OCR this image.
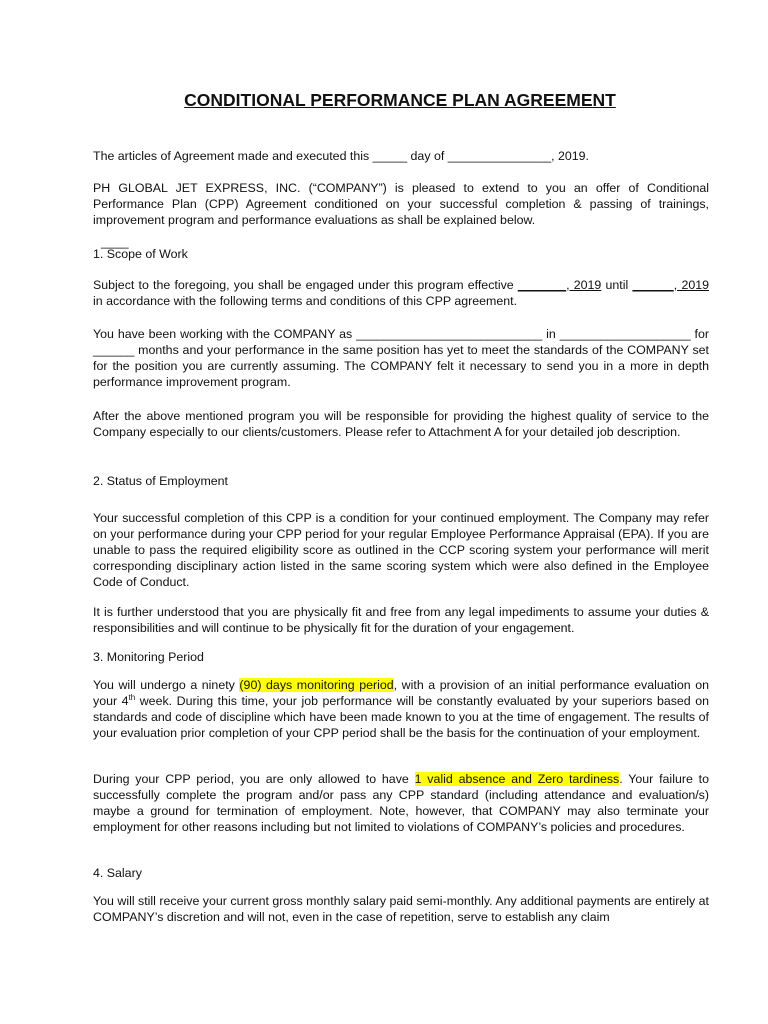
CONDITIONAL PERFORMANCE PLAN AGREEMENT

The articles of Agreement made and executed this _____ day of _______________, 2019.

PH GLOBAL JET EXPRESS, INC. (“COMPANY”) is pleased to extend to you an offer of Conditional Performance Plan (CPP) Agreement conditioned on your successful completion & passing of trainings, improvement program and performance evaluations as shall be explained below.

____

1. Scope of Work

Subject to the foregoing, you shall be engaged under this program effective _______, 2019 until ______, 2019 in accordance with the following terms and conditions of this CPP agreement.

You have been working with the COMPANY as ___________________________ in ___________________ for ______ months and your performance in the same position has yet to meet the standards of the COMPANY set for the position you are currently assuming. The COMPANY felt it necessary to send you in a more in depth performance improvement program.

After the above mentioned program you will be responsible for providing the highest quality of service to the Company especially to our clients/customers. Please refer to Attachment A for your detailed job description.

2. Status of Employment

Your successful completion of this CPP is a condition for your continued employment. The Company may refer on your performance during your CPP period for your regular Employee Performance Appraisal (EPA). If you are unable to pass the required eligibility score as outlined in the CCP scoring system your performance will merit corresponding disciplinary action listed in the same scoring system which were also defined in the Employee Code of Conduct.

It is further understood that you are physically fit and free from any legal impediments to assume your duties & responsibilities and will continue to be physically fit for the duration of your engagement.

3. Monitoring Period

You will undergo a ninety (90) days monitoring period, with a provision of an initial performance evaluation on your 4th week. During this time, your job performance will be constantly evaluated by your superiors based on standards and code of discipline which have been made known to you at the time of engagement. The results of your evaluation prior completion of your CPP period shall be the basis for the continuation of your employment.

During your CPP period, you are only allowed to have 1 valid absence and Zero tardiness. Your failure to successfully complete the program and/or pass any CPP standard (including attendance and evaluation/s) maybe a ground for termination of employment. Note, however, that COMPANY may also terminate your employment for other reasons including but not limited to violations of COMPANY’s policies and procedures.

4. Salary

You will still receive your current gross monthly salary paid semi-monthly. Any additional payments are entirely at COMPANY’s discretion and will not, even in the case of repetition, serve to establish any claim
